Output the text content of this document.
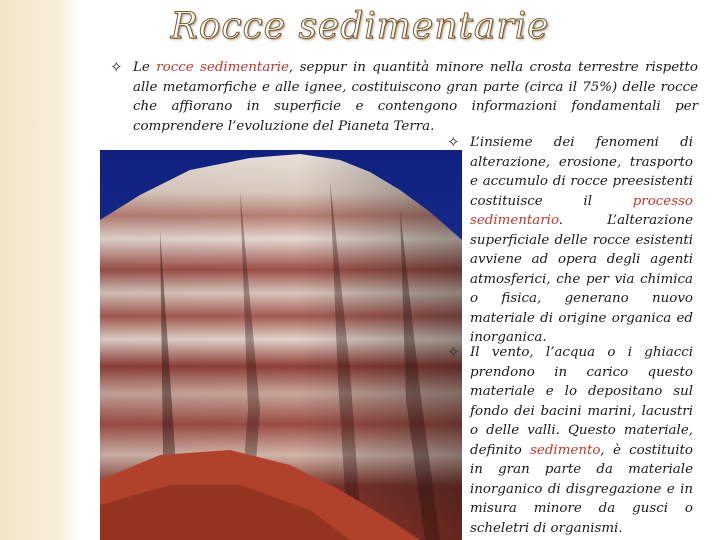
Rocce sedimentarie
✧ Le rocce sedimentarie, seppur in quantità minore nella crosta terrestre rispetto alle metamorfiche e alle ignee, costituiscono gran parte (circa il 75%) delle rocce che affiorano in superficie e contengono informazioni fondamentali per comprendere l’evoluzione del Pianeta Terra.

✧ L’insieme dei fenomeni di alterazione, erosione, trasporto e accumulo di rocce preesistenti costituisce il processo sedimentario. L’alterazione superficiale delle rocce esistenti avviene ad opera degli agenti atmosferici, che per via chimica o fisica, generano nuovo materiale di origine organica ed inorganica.

✧ Il vento, l’acqua o i ghiacci prendono in carico questo materiale e lo depositano sul fondo dei bacini marini, lacustri o delle valli. Questo materiale, definito sedimento, è costituito in gran parte da materiale inorganico di disgregazione e in misura minore da gusci o scheletri di organismi.
